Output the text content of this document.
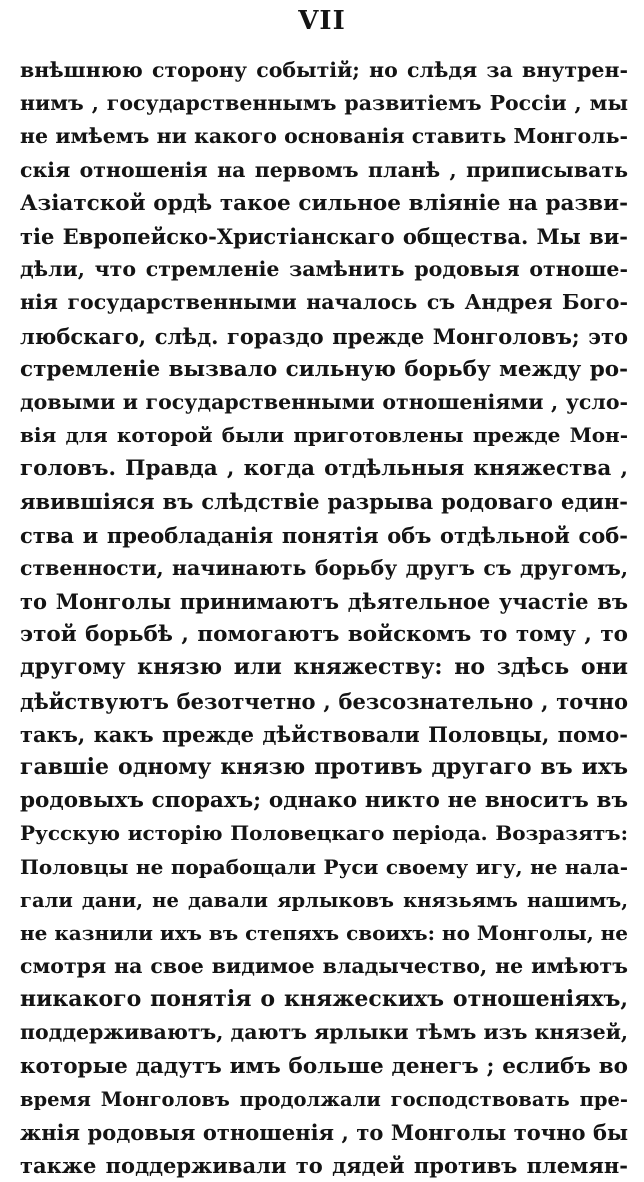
VII
внѣшнюю сторону событій; но слѣдя за внутрен-
нимъ , государственнымъ развитіемъ Россіи , мы
не имѣемъ ни какого основанія ставить Монголь-
скія отношенія на первомъ планѣ , приписывать
Азіатской ордѣ такое сильное вліяніе на разви-
тіе Европейско-Христіанскаго общества. Мы ви-
дѣли, что стремленіе замѣнить родовыя отноше-
нія государственными началось съ Андрея Бого-
любскаго, слѣд. гораздо прежде Монголовъ; это
стремленіе вызвало сильную борьбу между ро-
довыми и государственными отношеніями , усло-
вія для которой были приготовлены прежде Мон-
головъ. Правда , когда отдѣльныя княжества ,
явившіяся въ слѣдствіе разрыва родоваго един-
ства и преобладанія понятія объ отдѣльной соб-
ственности, начинають борьбу другъ съ другомъ,
то Монголы принимаютъ дѣятельное участіе въ
этой борьбѣ , помогаютъ войскомъ то тому , то
другому князю или княжеству: но здѣсь они
дѣйствуютъ безотчетно , безсознательно , точно
такъ, какъ прежде дѣйствовали Половцы, помо-
гавшіе одному князю противъ другаго въ ихъ
родовыхъ спорахъ; однако никто не вноситъ въ
Русскую исторію Половецкаго періода. Возразятъ:
Половцы не порабощали Руси своему игу, не нала-
гали дани, не давали ярлыковъ князьямъ нашимъ,
не казнили ихъ въ степяхъ своихъ: но Монголы, не
смотря на свое видимое владычество, не имѣютъ
никакого понятія о княжескихъ отношеніяхъ,
поддерживаютъ, даютъ ярлыки тѣмъ изъ князей,
которые дадутъ имъ больше денегъ ; еслибъ во
время Монголовъ продолжали господствовать пре-
жнія родовыя отношенія , то Монголы точно бы
также поддерживали то дядей противъ племян-
